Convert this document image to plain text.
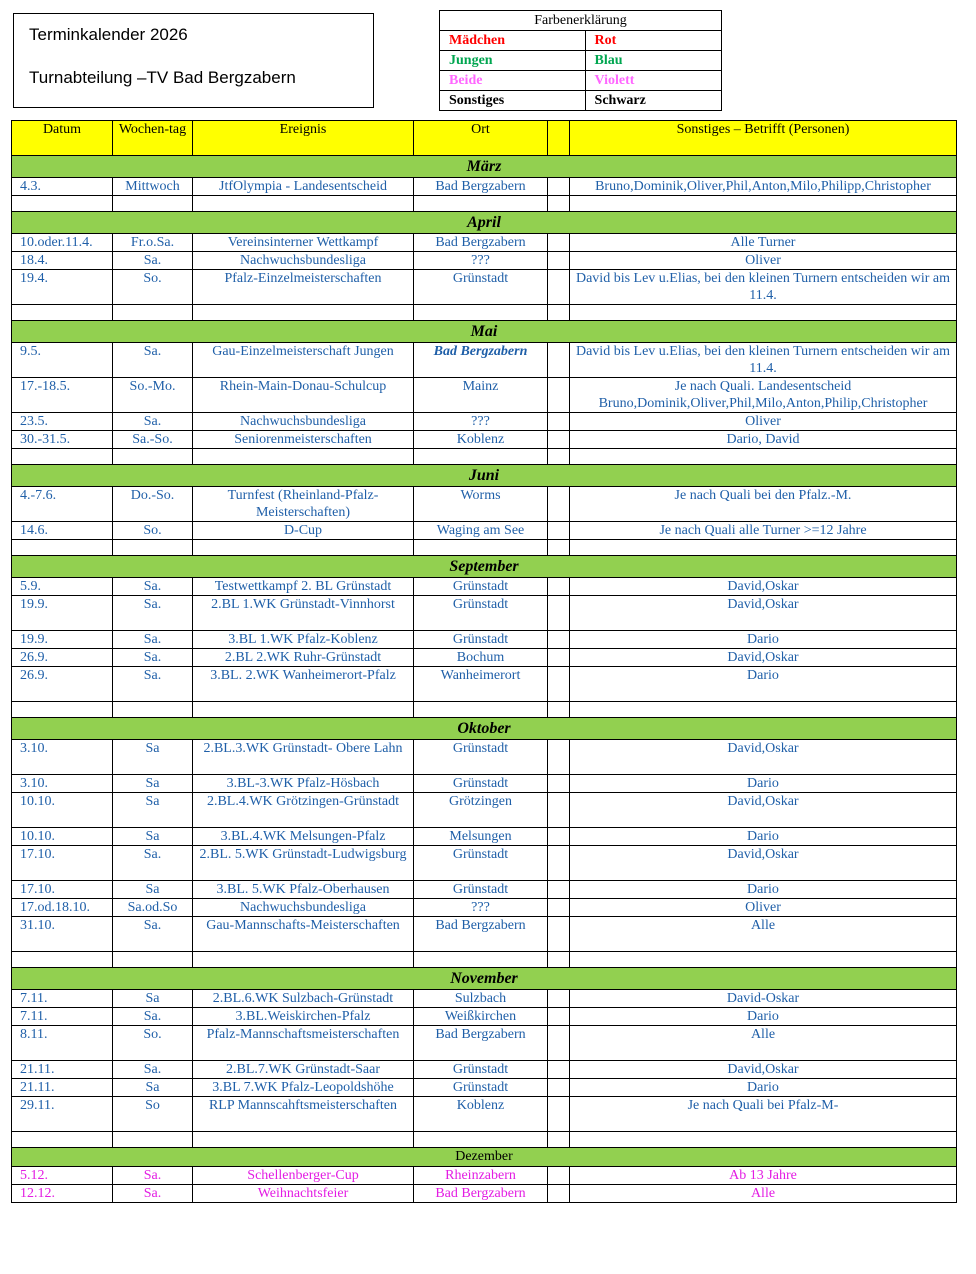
Terminkalender 2026
Turnabteilung –TV Bad Bergzabern
Farbenerklärung	
Mädchen	Rot
Jungen	Blau
Beide	Violett
Sonstiges	Schwarz
Datum	Wochen-tag	Ereignis	Ort		Sonstiges – Betrifft (Personen)
März					
4.3.	Mittwoch	JtfOlympia - Landesentscheid	Bad Bergzabern		Bruno,Dominik,Oliver,Phil,Anton,Milo,Philipp,Christopher

April					
10.oder.11.4.	Fr.o.Sa.	Vereinsinterner Wettkampf	Bad Bergzabern		Alle Turner
18.4.	Sa.	Nachwuchsbundesliga	???		Oliver
19.4.	So.	Pfalz-Einzelmeisterschaften	Grünstadt		David bis Lev u.Elias, bei den kleinen Turnern entscheiden wir am 11.4.

Mai					
9.5.	Sa.	Gau-Einzelmeisterschaft Jungen	Bad Bergzabern		David bis Lev u.Elias, bei den kleinen Turnern entscheiden wir am 11.4.
17.-18.5.	So.-Mo.	Rhein-Main-Donau-Schulcup	Mainz		Je nach Quali. Landesentscheid Bruno,Dominik,Oliver,Phil,Milo,Anton,Philip,Christopher
23.5.	Sa.	Nachwuchsbundesliga	???		Oliver
30.-31.5.	Sa.-So.	Seniorenmeisterschaften	Koblenz		Dario, David

Juni					
4.-7.6.	Do.-So.	Turnfest (Rheinland-Pfalz-Meisterschaften)	Worms		Je nach Quali bei den Pfalz.-M.
14.6.	So.	D-Cup	Waging am See		Je nach Quali alle Turner >=12 Jahre

September					
5.9.	Sa.	Testwettkampf 2. BL Grünstadt	Grünstadt		David,Oskar
19.9.	Sa.	2.BL 1.WK Grünstadt-Vinnhorst	Grünstadt		David,Oskar
19.9.	Sa.	3.BL 1.WK Pfalz-Koblenz	Grünstadt		Dario
26.9.	Sa.	2.BL 2.WK Ruhr-Grünstadt	Bochum		David,Oskar
26.9.	Sa.	3.BL. 2.WK Wanheimerort-Pfalz	Wanheimerort		Dario

Oktober					
3.10.	Sa	2.BL.3.WK Grünstadt- Obere Lahn	Grünstadt		David,Oskar
3.10.	Sa	3.BL-3.WK Pfalz-Hösbach	Grünstadt		Dario
10.10.	Sa	2.BL.4.WK Grötzingen-Grünstadt	Grötzingen		David,Oskar
10.10.	Sa	3.BL.4.WK Melsungen-Pfalz	Melsungen		Dario
17.10.	Sa.	2.BL. 5.WK Grünstadt-Ludwigsburg	Grünstadt		David,Oskar
17.10.	Sa	3.BL. 5.WK Pfalz-Oberhausen	Grünstadt		Dario
17.od.18.10.	Sa.od.So	Nachwuchsbundesliga	???		Oliver
31.10.	Sa.	Gau-Mannschafts-Meisterschaften	Bad Bergzabern		Alle

November					
7.11.	Sa	2.BL.6.WK Sulzbach-Grünstadt	Sulzbach		David-Oskar
7.11.	Sa.	3.BL.Weiskirchen-Pfalz	Weißkirchen		Dario
8.11.	So.	Pfalz-Mannschaftsmeisterschaften	Bad Bergzabern		Alle
21.11.	Sa.	2.BL.7.WK Grünstadt-Saar	Grünstadt		David,Oskar
21.11.	Sa	3.BL 7.WK Pfalz-Leopoldshöhe	Grünstadt		Dario
29.11.	So	RLP Mannscahftsmeisterschaften	Koblenz		Je nach Quali bei Pfalz-M-

Dezember					
5.12.	Sa.	Schellenberger-Cup	Rheinzabern		Ab 13 Jahre
12.12.	Sa.	Weihnachtsfeier	Bad Bergzabern		Alle
